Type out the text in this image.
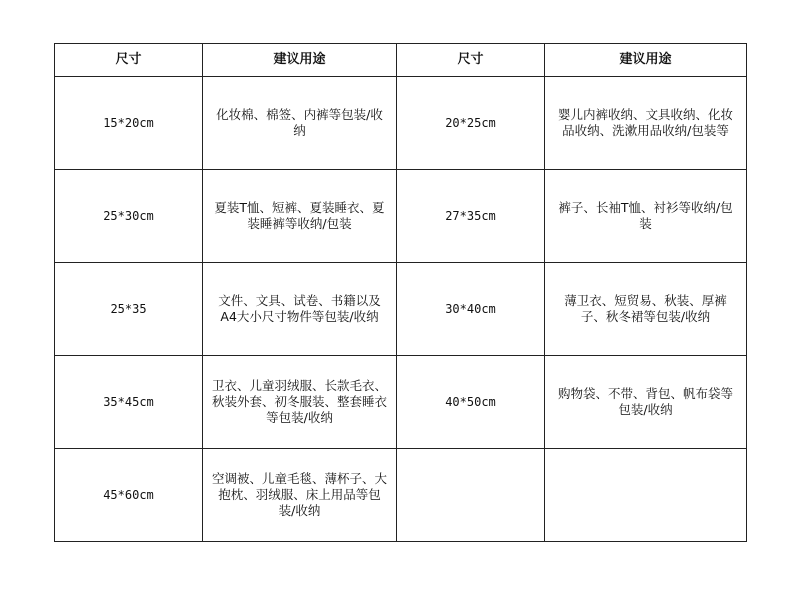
尺寸	建议用途	尺寸	建议用途
15*20cm	化妆棉、棉签、内裤等包装/收纳	20*25cm	婴儿内裤收纳、文具收纳、化妆品收纳、洗漱用品收纳/包装等
25*30cm	夏装T恤、短裤、夏装睡衣、夏装睡裤等收纳/包装	27*35cm	裤子、长袖T恤、衬衫等收纳/包装
25*35	文件、文具、试卷、书籍以及A4大小尺寸物件等包装/收纳	30*40cm	薄卫衣、短贸易、秋装、厚裤子、秋冬裙等包装/收纳
35*45cm	卫衣、儿童羽绒服、长款毛衣、秋装外套、初冬服装、整套睡衣等包装/收纳	40*50cm	购物袋、不带、背包、帆布袋等包装/收纳
45*60cm	空调被、儿童毛毯、薄杯子、大抱枕、羽绒服、床上用品等包装/收纳		
